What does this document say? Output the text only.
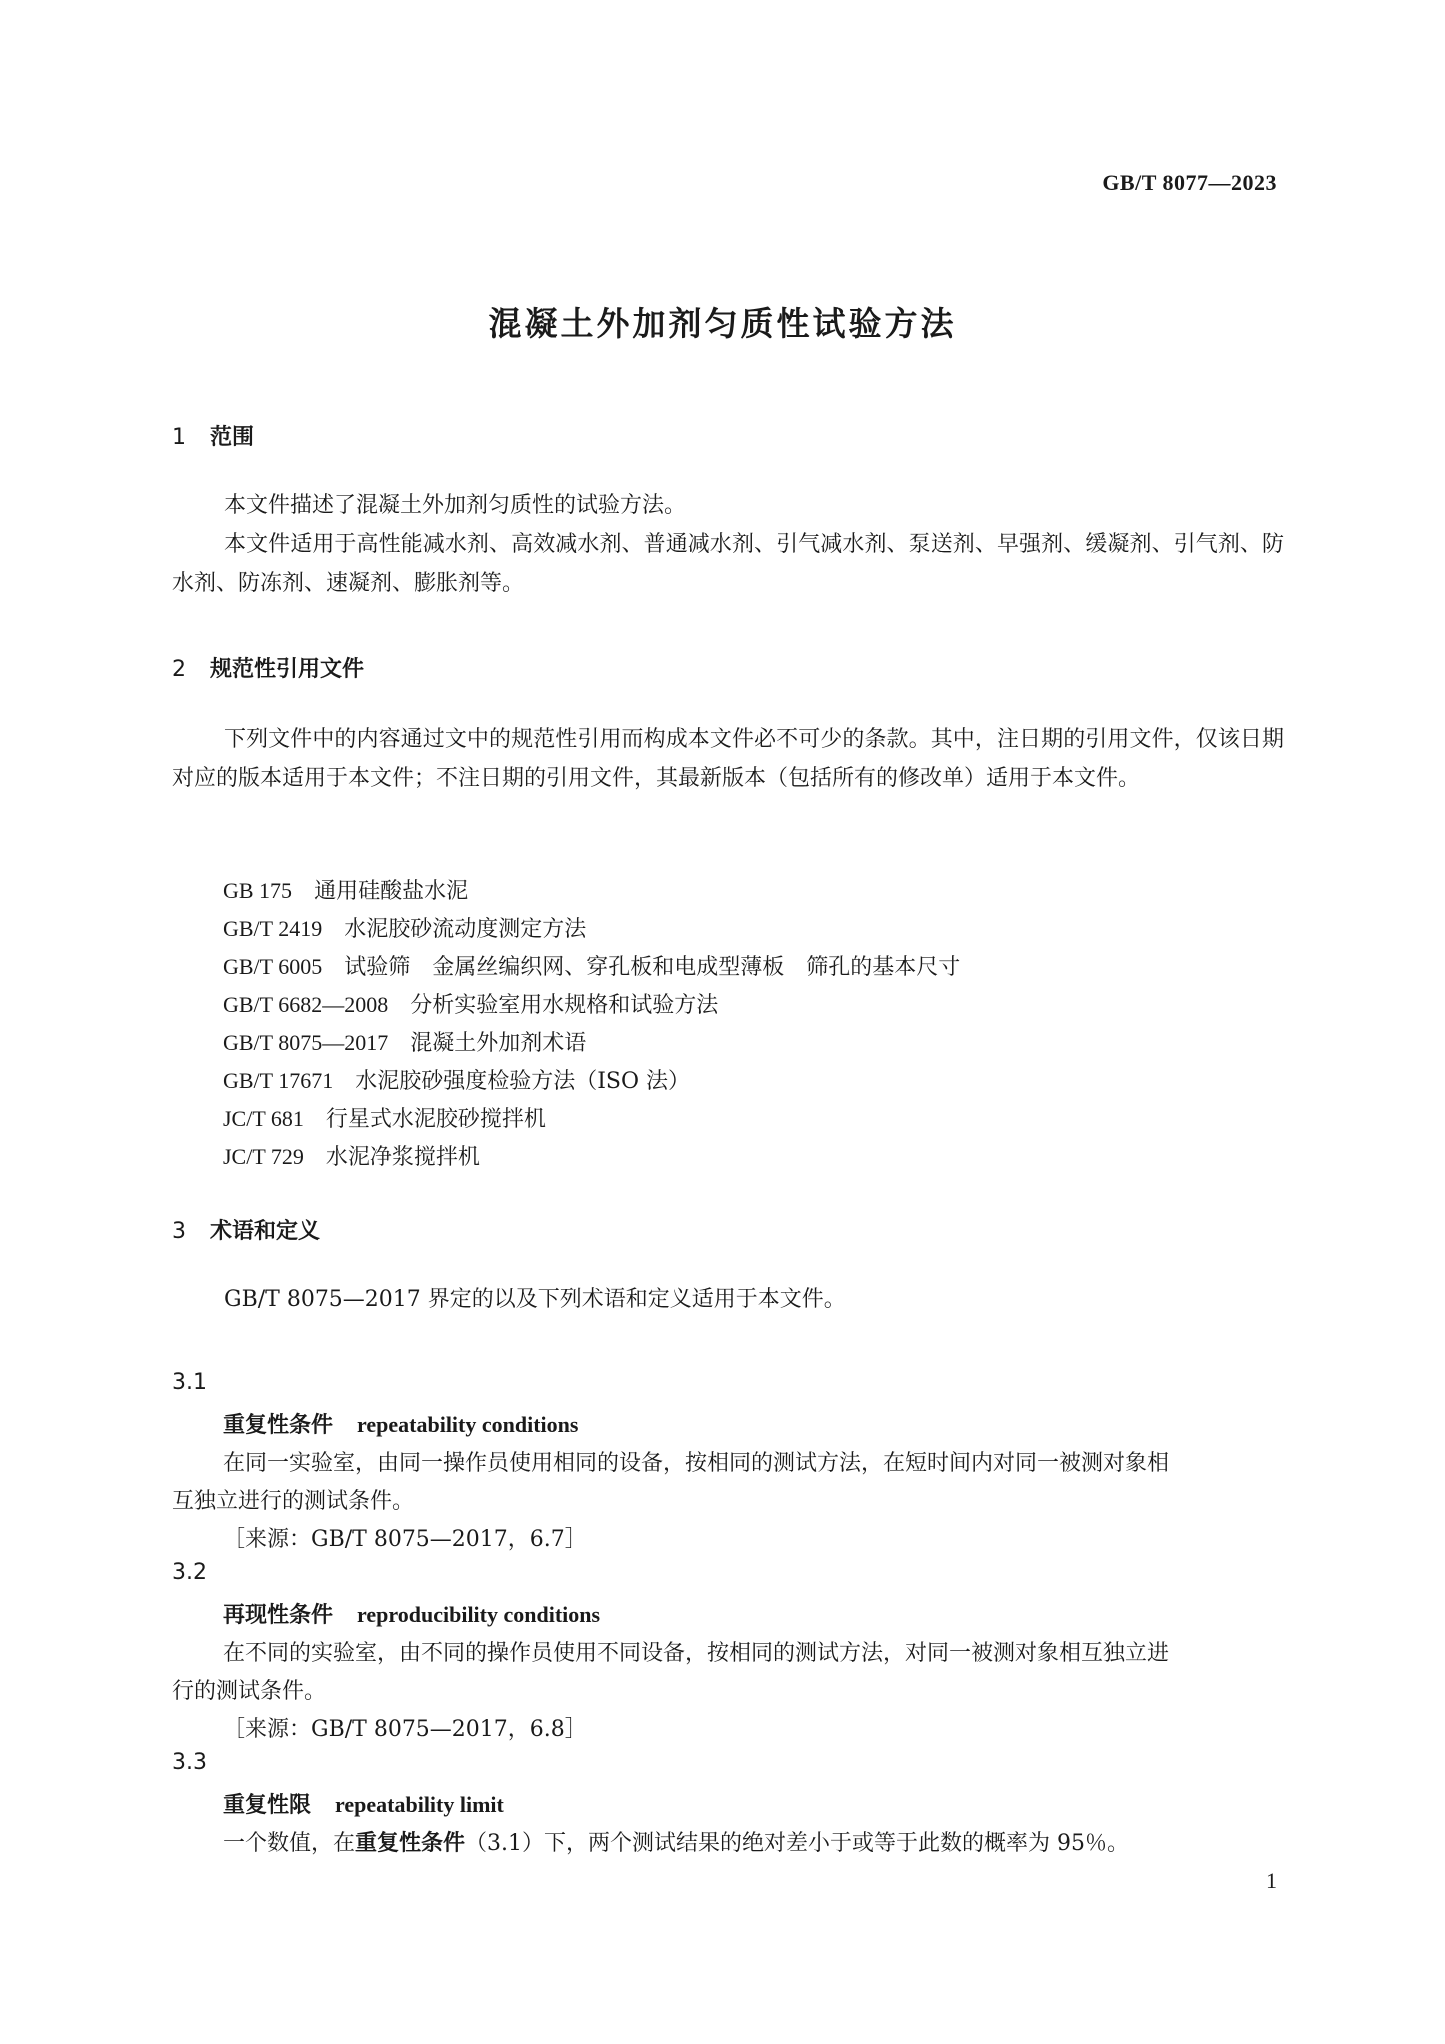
GB/T 8077—2023
混凝土外加剂匀质性试验方法
1 范围
本文件描述了混凝土外加剂匀质性的试验方法。
本文件适用于高性能减水剂、高效减水剂、普通减水剂、引气减水剂、泵送剂、早强剂、缓凝剂、引气剂、防水剂、防冻剂、速凝剂、膨胀剂等。
2 规范性引用文件
下列文件中的内容通过文中的规范性引用而构成本文件必不可少的条款。其中，注日期的引用文件，仅该日期对应的版本适用于本文件；不注日期的引用文件，其最新版本（包括所有的修改单）适用于本文件。
GB 175 通用硅酸盐水泥
GB/T 2419 水泥胶砂流动度测定方法
GB/T 6005 试验筛　金属丝编织网、穿孔板和电成型薄板　筛孔的基本尺寸
GB/T 6682—2008 分析实验室用水规格和试验方法
GB/T 8075—2017 混凝土外加剂术语
GB/T 17671 水泥胶砂强度检验方法（ISO 法）
JC/T 681 行星式水泥胶砂搅拌机
JC/T 729 水泥净浆搅拌机
3 术语和定义
GB/T 8075—2017 界定的以及下列术语和定义适用于本文件。
3.1
重复性条件 repeatability conditions
在同一实验室，由同一操作员使用相同的设备，按相同的测试方法，在短时间内对同一被测对象相
互独立进行的测试条件。
［来源：GB/T 8075—2017，6.7］
3.2
再现性条件 reproducibility conditions
在不同的实验室，由不同的操作员使用不同设备，按相同的测试方法，对同一被测对象相互独立进
行的测试条件。
［来源：GB/T 8075—2017，6.8］
3.3
重复性限 repeatability limit
一个数值，在重复性条件（3.1）下，两个测试结果的绝对差小于或等于此数的概率为 95％。
1
